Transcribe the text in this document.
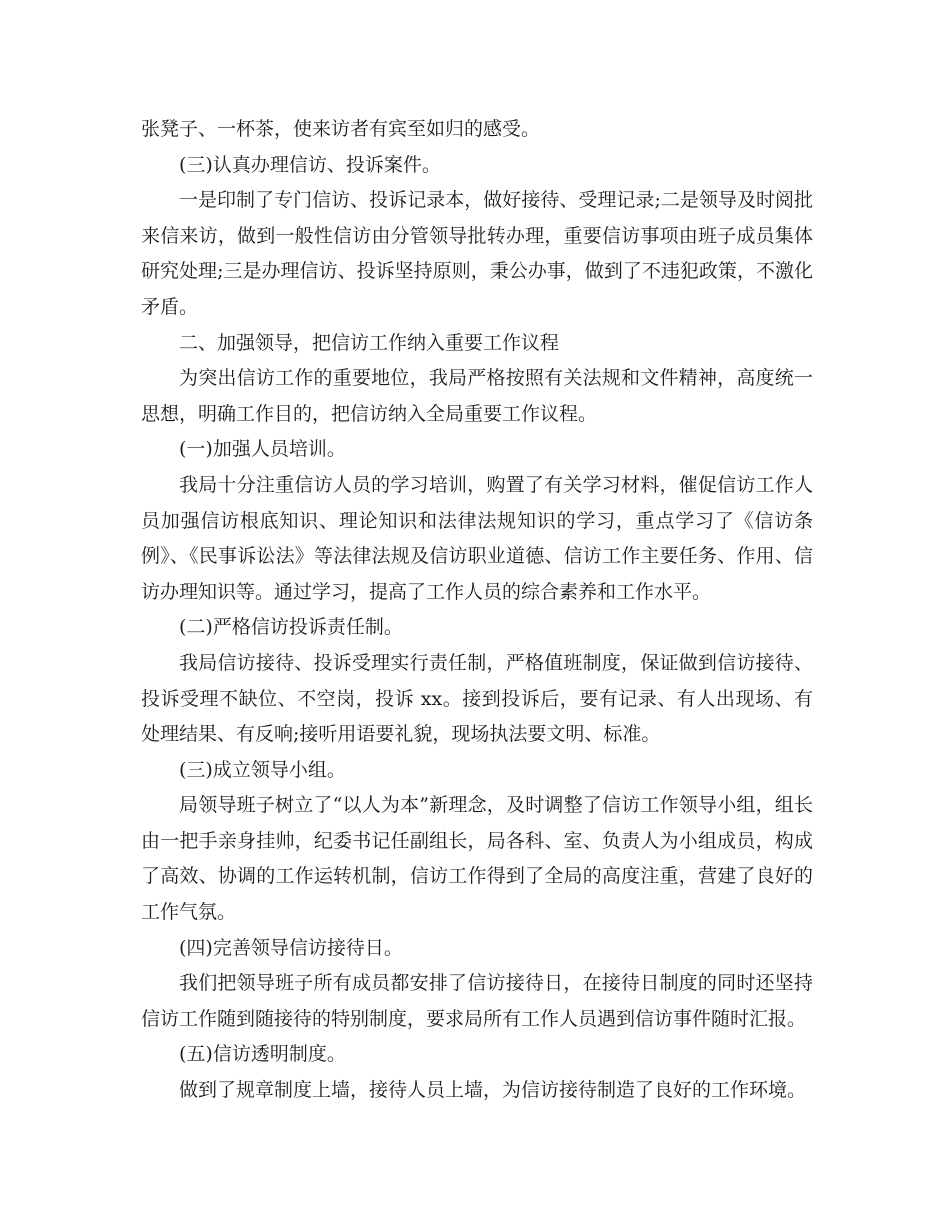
张凳子、一杯茶，使来访者有宾至如归的感受。

(三)认真办理信访、投诉案件。

一是印制了专门信访、投诉记录本，做好接待、受理记录;二是领导及时阅批来信来访，做到一般性信访由分管领导批转办理，重要信访事项由班子成员集体研究处理;三是办理信访、投诉坚持原则，秉公办事，做到了不违犯政策，不激化矛盾。

二、加强领导，把信访工作纳入重要工作议程

为突出信访工作的重要地位，我局严格按照有关法规和文件精神，高度统一思想，明确工作目的，把信访纳入全局重要工作议程。

(一)加强人员培训。

我局十分注重信访人员的学习培训，购置了有关学习材料，催促信访工作人员加强信访根底知识、理论知识和法律法规知识的学习，重点学习了《信访条例》、《民事诉讼法》等法律法规及信访职业道德、信访工作主要任务、作用、信访办理知识等。通过学习，提高了工作人员的综合素养和工作水平。

(二)严格信访投诉责任制。

我局信访接待、投诉受理实行责任制，严格值班制度，保证做到信访接待、投诉受理不缺位、不空岗，投诉 xx。接到投诉后，要有记录、有人出现场、有处理结果、有反响;接听用语要礼貌，现场执法要文明、标准。

(三)成立领导小组。

局领导班子树立了“以人为本”新理念，及时调整了信访工作领导小组，组长由一把手亲身挂帅，纪委书记任副组长，局各科、室、负责人为小组成员，构成了高效、协调的工作运转机制，信访工作得到了全局的高度注重，营建了良好的工作气氛。

(四)完善领导信访接待日。

我们把领导班子所有成员都安排了信访接待日，在接待日制度的同时还坚持信访工作随到随接待的特别制度，要求局所有工作人员遇到信访事件随时汇报。

(五)信访透明制度。

做到了规章制度上墙，接待人员上墙，为信访接待制造了良好的工作环境。
